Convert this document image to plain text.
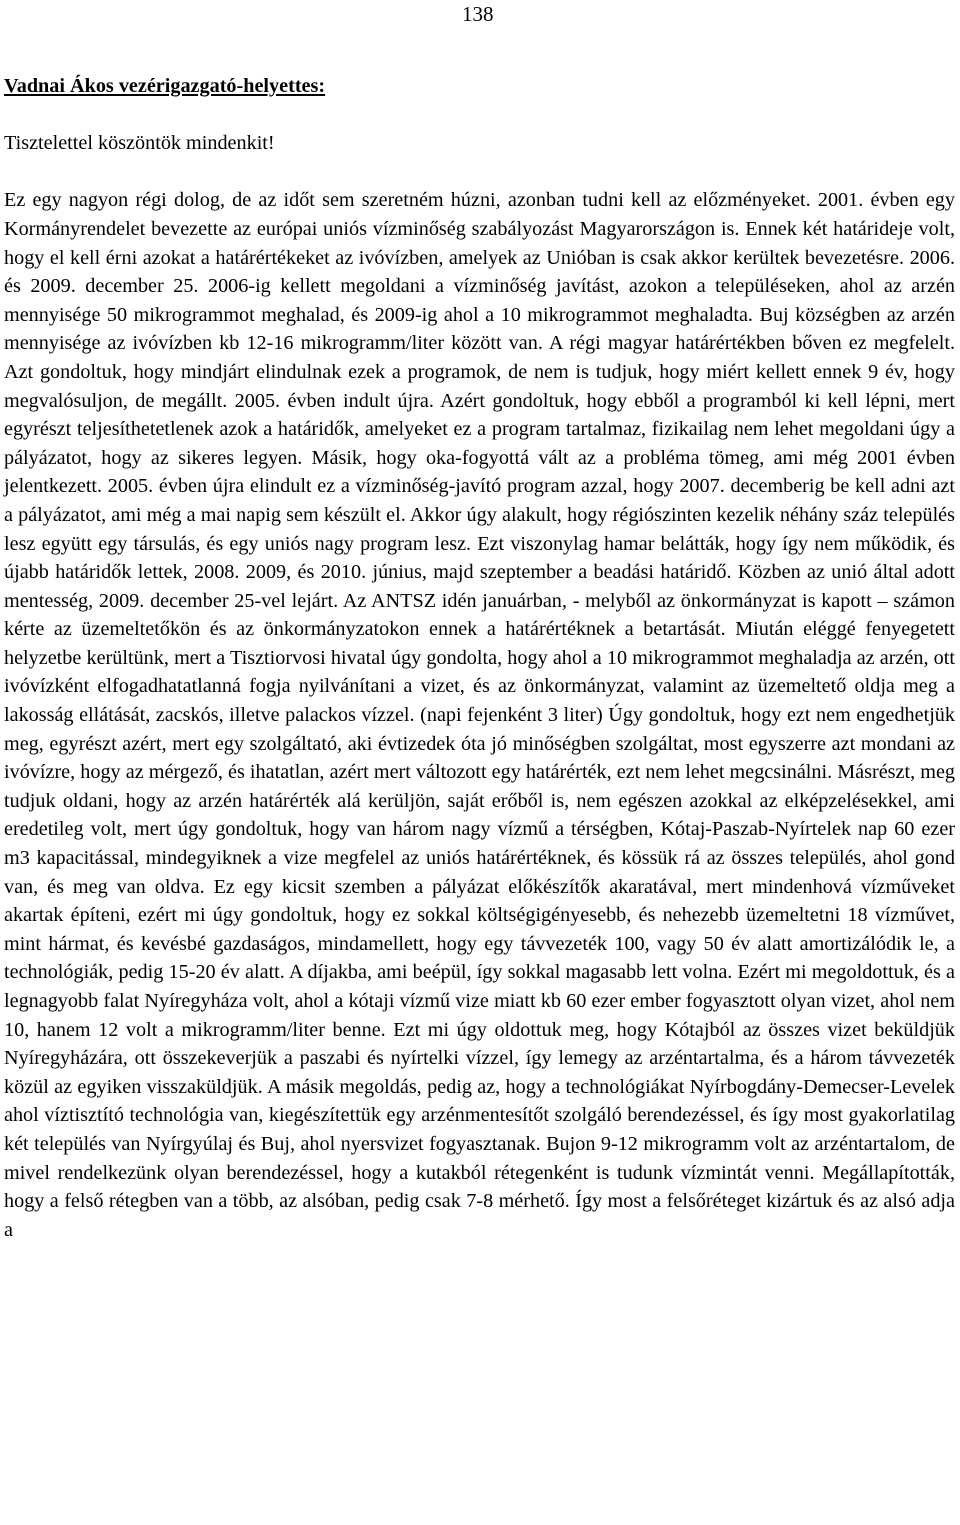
138

Vadnai Ákos vezérigazgató-helyettes:

Tisztelettel köszöntök mindenkit!

Ez egy nagyon régi dolog, de az időt sem szeretném húzni, azonban tudni kell az előzményeket. 2001. évben egy Kormányrendelet bevezette az európai uniós vízminőség szabályozást Magyarországon is. Ennek két határideje volt, hogy el kell érni azokat a határértékeket az ivóvízben, amelyek az Unióban is csak akkor kerültek bevezetésre. 2006. és 2009. december 25. 2006-ig kellett megoldani a vízminőség javítást, azokon a településeken, ahol az arzén mennyisége 50 mikrogrammot meghalad, és 2009-ig ahol a 10 mikrogrammot meghaladta. Buj községben az arzén mennyisége az ivóvízben kb 12-16 mikrogramm/liter között van. A régi magyar határértékben bőven ez megfelelt. Azt gondoltuk, hogy mindjárt elindulnak ezek a programok, de nem is tudjuk, hogy miért kellett ennek 9 év, hogy megvalósuljon, de megállt. 2005. évben indult újra. Azért gondoltuk, hogy ebből a programból ki kell lépni, mert egyrészt teljesíthetetlenek azok a határidők, amelyeket ez a program tartalmaz, fizikailag nem lehet megoldani úgy a pályázatot, hogy az sikeres legyen. Másik, hogy oka-fogyottá vált az a probléma tömeg, ami még 2001 évben jelentkezett. 2005. évben újra elindult ez a vízminőség-javító program azzal, hogy 2007. decemberig be kell adni azt a pályázatot, ami még a mai napig sem készült el. Akkor úgy alakult, hogy régiószinten kezelik néhány száz település lesz együtt egy társulás, és egy uniós nagy program lesz. Ezt viszonylag hamar belátták, hogy így nem működik, és újabb határidők lettek, 2008. 2009, és 2010. június, majd szeptember a beadási határidő. Közben az unió által adott mentesség, 2009. december 25-vel lejárt. Az ANTSZ idén januárban, - melyből az önkormányzat is kapott – számon kérte az üzemeltetőkön és az önkormányzatokon ennek a határértéknek a betartását. Miután eléggé fenyegetett helyzetbe kerültünk, mert a Tisztiorvosi hivatal úgy gondolta, hogy ahol a 10 mikrogrammot meghaladja az arzén, ott ivóvízként elfogadhatatlanná fogja nyilvánítani a vizet, és az önkormányzat, valamint az üzemeltető oldja meg a lakosság ellátását, zacskós, illetve palackos vízzel. (napi fejenként 3 liter) Úgy gondoltuk, hogy ezt nem engedhetjük meg, egyrészt azért, mert egy szolgáltató, aki évtizedek óta jó minőségben szolgáltat, most egyszerre azt mondani az ivóvízre, hogy az mérgező, és ihatatlan, azért mert változott egy határérték, ezt nem lehet megcsinálni. Másrészt, meg tudjuk oldani, hogy az arzén határérték alá kerüljön, saját erőből is, nem egészen azokkal az elképzelésekkel, ami eredetileg volt, mert úgy gondoltuk, hogy van három nagy vízmű a térségben, Kótaj-Paszab-Nyírtelek nap 60 ezer m3 kapacitással, mindegyiknek a vize megfelel az uniós határértéknek, és kössük rá az összes település, ahol gond van, és meg van oldva. Ez egy kicsit szemben a pályázat előkészítők akaratával, mert mindenhová vízműveket akartak építeni, ezért mi úgy gondoltuk, hogy ez sokkal költségigényesebb, és nehezebb üzemeltetni 18 vízművet, mint hármat, és kevésbé gazdaságos, mindamellett, hogy egy távvezeték 100, vagy 50 év alatt amortizálódik le, a technológiák, pedig 15-20 év alatt. A díjakba, ami beépül, így sokkal magasabb lett volna. Ezért mi megoldottuk, és a legnagyobb falat Nyíregyháza volt, ahol a kótaji vízmű vize miatt kb 60 ezer ember fogyasztott olyan vizet, ahol nem 10, hanem 12 volt a mikrogramm/liter benne. Ezt mi úgy oldottuk meg, hogy Kótajból az összes vizet beküldjük Nyíregyházára, ott összekeverjük a paszabi és nyírtelki vízzel, így lemegy az arzéntartalma, és a három távvezeték közül az egyiken visszaküldjük. A másik megoldás, pedig az, hogy a technológiákat Nyírbogdány-Demecser-Levelek ahol víztisztító technológia van, kiegészítettük egy arzénmentesítőt szolgáló berendezéssel, és így most gyakorlatilag két település van Nyírgyúlaj és Buj, ahol nyersvizet fogyasztanak. Bujon 9-12 mikrogramm volt az arzéntartalom, de mivel rendelkezünk olyan berendezéssel, hogy a kutakból rétegenként is tudunk vízmintát venni. Megállapították, hogy a felső rétegben van a több, az alsóban, pedig csak 7-8 mérhető. Így most a felsőréteget kizártuk és az alsó adja a
